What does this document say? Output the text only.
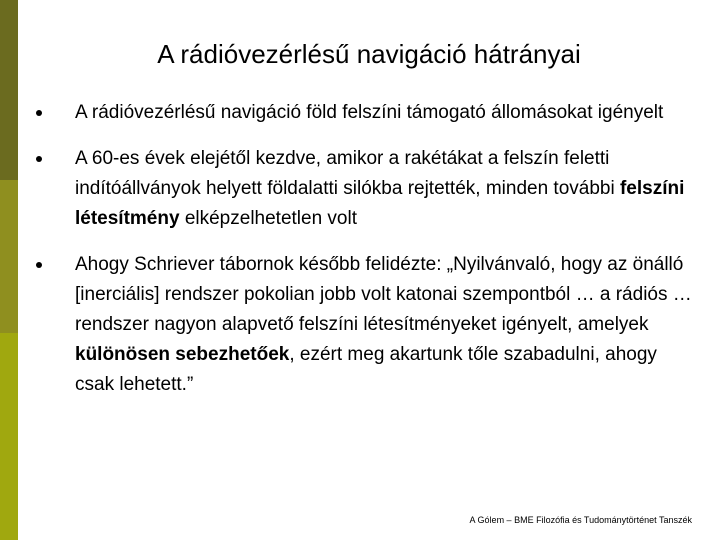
A rádióvezérlésű navigáció hátrányai
A rádióvezérlésű navigáció föld felszíni támogató állomásokat igényelt
A 60-es évek elejétől kezdve, amikor a rakétákat a felszín feletti indítóállványok helyett földalatti silókba rejtették, minden további felszíni létesítmény elképzelhetetlen volt
Ahogy Schriever tábornok később felidézte: „Nyilvánvaló, hogy az önálló [inerciális] rendszer pokolian jobb volt katonai szempontból … a rádiós … rendszer nagyon alapvető felszíni létesítményeket igényelt, amelyek különösen sebezhetőek, ezért meg akartunk tőle szabadulni, ahogy csak lehetett.”
A Gólem – BME Filozófia és Tudománytörténet Tanszék
